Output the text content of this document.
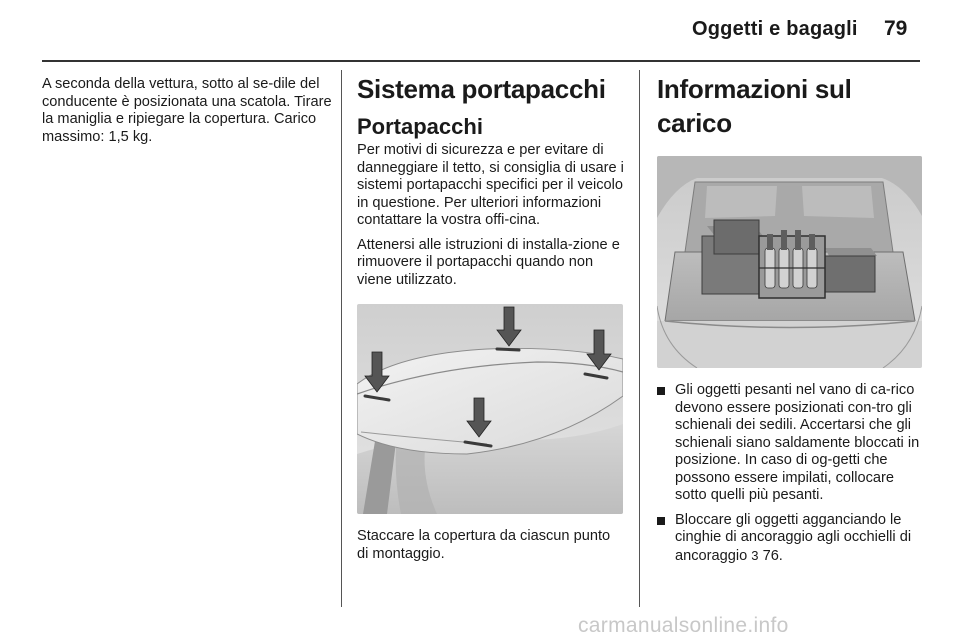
Oggetti e bagagli 79

A seconda della vettura, sotto al se-dile del conducente è posizionata una scatola. Tirare la maniglia e ripiegare la copertura. Carico massimo: 1,5 kg.

Sistema portapacchi
Portapacchi

Per motivi di sicurezza e per evitare di danneggiare il tetto, si consiglia di usare i sistemi portapacchi specifici per il veicolo in questione. Per ulteriori informazioni contattare la vostra offi-cina.

Attenersi alle istruzioni di installa-zione e rimuovere il portapacchi quando non viene utilizzato.

Staccare la copertura da ciascun punto di montaggio.

Informazioni sul carico
Gli oggetti pesanti nel vano di ca-rico devono essere posizionati con-tro gli schienali dei sedili. Accertarsi che gli schienali siano saldamente bloccati in posizione. In caso di og-getti che possono essere impilati, collocare sotto quelli più pesanti.
Bloccare gli oggetti agganciando le cinghie di ancoraggio agli occhielli di ancoraggio 3 76.
carmanualsonline.info
